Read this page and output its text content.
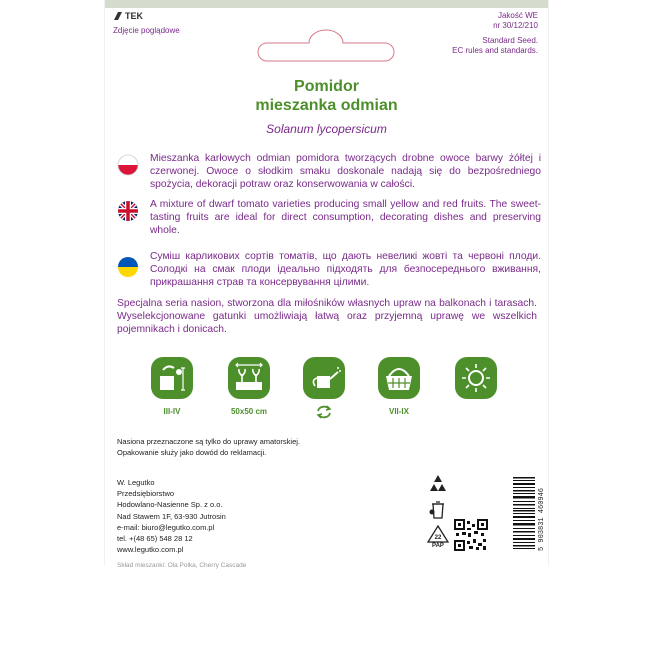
TEK
Zdjęcie poglądowe
Jakość WE
nr 30/12/210
Standard Seed.
EC rules and standards.
Pomidor
mieszanka odmian
Solanum lycopersicum
Mieszanka karłowych odmian pomidora tworzących drobne owoce barwy żółtej i czerwonej. Owoce o słodkim smaku doskonale nadają się do bezpośredniego spożycia, dekoracji potraw oraz konserwowania w całości.
A mixture of dwarf tomato varieties producing small yellow and red fruits. The sweet-tasting fruits are ideal for direct consumption, decorating dishes and preserving whole.
Суміш карликових сортів томатів, що дають невеликі жовті та червоні плоди. Солодкі на смак плоди ідеально підходять для безпосереднього вживання, прикрашання страв та консервування цілими.
Specjalna seria nasion, stworzona dla miłośników własnych upraw na balkonach i tarasach. Wyselekcjonowane gatunki umożliwiają łatwą oraz przyjemną uprawę we wszelkich pojemnikach i donicach.
0,5 cm
III-IV	50x50 cm	VII-IX
Nasiona przeznaczone są tylko do uprawy amatorskiej.
Opakowanie służy jako dowód do reklamacji.
W. Legutko
Przedsiębiorstwo
Hodowlano-Nasienne Sp. z o.o.
Nad Stawem 1F, 63-930 Jutrosin
e-mail: biuro@legutko.com.pl
tel. +(48 65) 548 28 12
www.legutko.com.pl
22
PAP	5 903831 460946
Skład mieszanki: Ola Polka, Cherry Cascade
